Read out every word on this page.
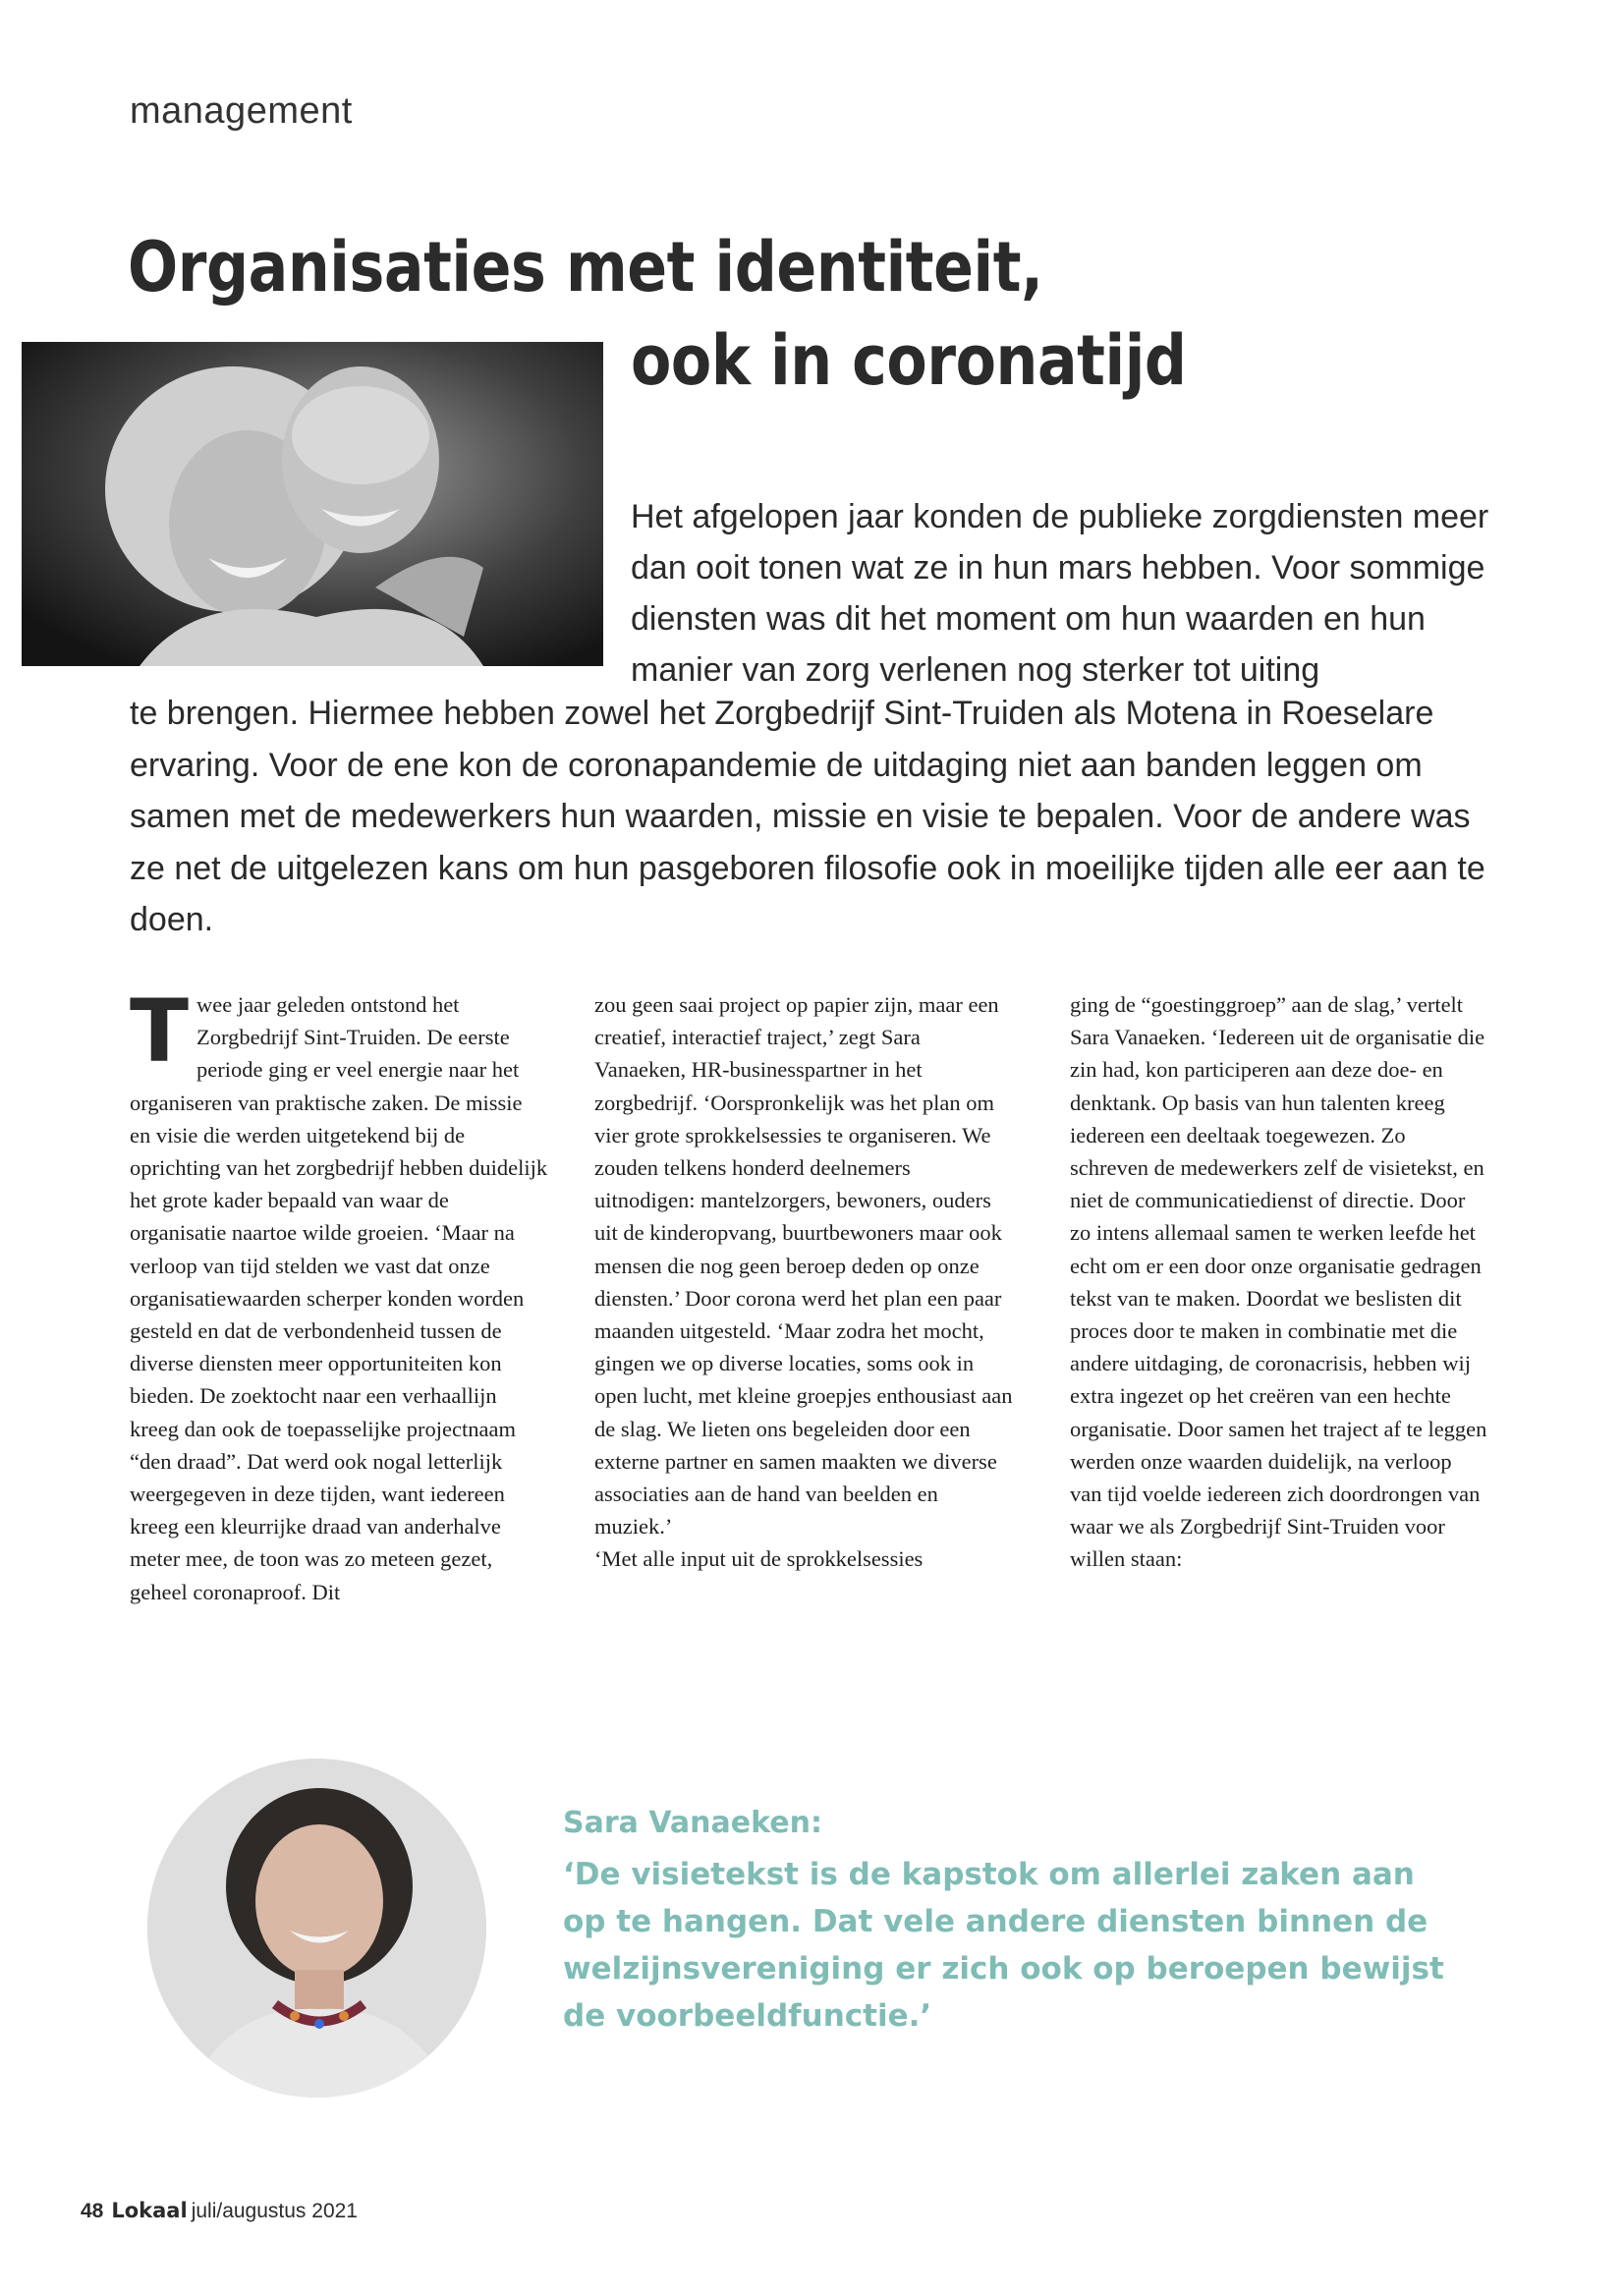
management
Organisaties met identiteit,
ook in coronatijd

Het afgelopen jaar konden de publieke zorgdiensten meer dan ooit tonen wat ze in hun mars hebben. Voor sommige diensten was dit het moment om hun waarden en hun manier van zorg verlenen nog sterker tot uiting

te brengen. Hiermee hebben zowel het Zorgbedrijf Sint-Truiden als Motena in Roeselare ervaring. Voor de ene kon de coronapandemie de uitdaging niet aan banden leggen om samen met de medewerkers hun waarden, missie en visie te bepalen. Voor de andere was ze net de uitgelezen kans om hun pasgeboren filosofie ook in moeilijke tijden alle eer aan te doen.

T wee jaar geleden ontstond het Zorgbedrijf Sint-Truiden. De eerste periode ging er veel energie naar het organiseren van praktische zaken. De missie en visie die werden uitgetekend bij de oprichting van het zorgbedrijf hebben duidelijk het grote kader bepaald van waar de organisatie naartoe wilde groeien. ‘Maar na verloop van tijd stelden we vast dat onze organisatiewaarden scherper konden worden gesteld en dat de verbondenheid tussen de diverse diensten meer opportuniteiten kon bieden. De zoektocht naar een verhaallijn kreeg dan ook de toepasselijke projectnaam “den draad”. Dat werd ook nogal letterlijk weergegeven in deze tijden, want iedereen kreeg een kleurrijke draad van anderhalve meter mee, de toon was zo meteen gezet, geheel coronaproof. Dit

zou geen saai project op papier zijn, maar een creatief, interactief traject,’ zegt Sara Vanaeken, HR-businesspartner in het zorgbedrijf. ‘Oorspronkelijk was het plan om vier grote sprokkelsessies te organiseren. We zouden telkens honderd deelnemers uitnodigen: mantelzorgers, bewoners, ouders uit de kinderopvang, buurtbewoners maar ook mensen die nog geen beroep deden op onze diensten.’ Door corona werd het plan een paar maanden uitgesteld. ‘Maar zodra het mocht, gingen we op diverse locaties, soms ook in open lucht, met kleine groepjes enthousiast aan de slag. We lieten ons begeleiden door een externe partner en samen maakten we diverse associaties aan de hand van beelden en muziek.’

‘Met alle input uit de sprokkelsessies

ging de “goestinggroep” aan de slag,’ vertelt Sara Vanaeken. ‘Iedereen uit de organisatie die zin had, kon participeren aan deze doe- en denktank. Op basis van hun talenten kreeg iedereen een deeltaak toegewezen. Zo schreven de medewerkers zelf de visietekst, en niet de communicatiedienst of directie. Door zo intens allemaal samen te werken leefde het echt om er een door onze organisatie gedragen tekst van te maken. Doordat we beslisten dit proces door te maken in combinatie met die andere uitdaging, de coronacrisis, hebben wij extra ingezet op het creëren van een hechte organisatie. Door samen het traject af te leggen werden onze waarden duidelijk, na verloop van tijd voelde iedereen zich doordrongen van waar we als Zorgbedrijf Sint-Truiden voor willen staan:

Sara Vanaeken:

‘De visietekst is de kapstok om allerlei zaken aan op te hangen. Dat vele andere diensten binnen de welzijnsvereniging er zich ook op beroepen bewijst de voorbeeldfunctie.’

48 Lokaal juli/augustus 2021
